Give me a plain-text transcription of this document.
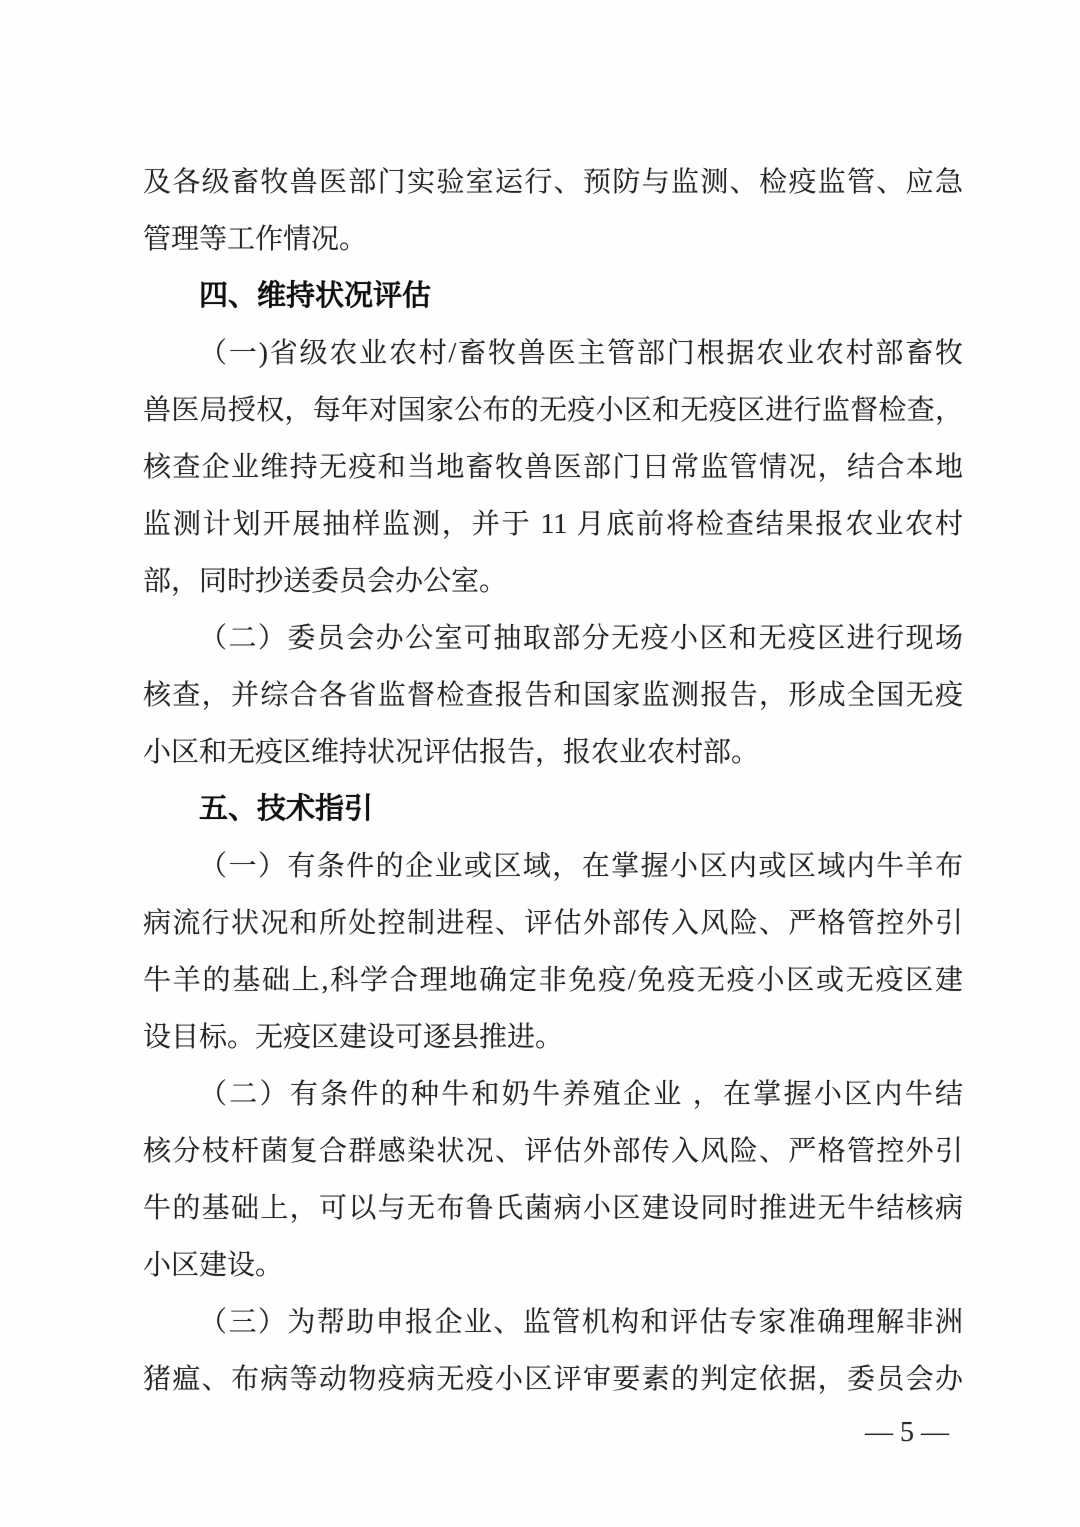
及各级畜牧兽医部门实验室运行、预防与监测、检疫监管、应急
管理等工作情况。
四、维持状况评估
（一)省级农业农村/畜牧兽医主管部门根据农业农村部畜牧
兽医局授权，每年对国家公布的无疫小区和无疫区进行监督检查，
核查企业维持无疫和当地畜牧兽医部门日常监管情况，结合本地
监测计划开展抽样监测，并于 11 月底前将检查结果报农业农村
部，同时抄送委员会办公室。
（二）委员会办公室可抽取部分无疫小区和无疫区进行现场
核查，并综合各省监督检查报告和国家监测报告，形成全国无疫
小区和无疫区维持状况评估报告，报农业农村部。
五、技术指引
（一）有条件的企业或区域，在掌握小区内或区域内牛羊布
病流行状况和所处控制进程、评估外部传入风险、严格管控外引
牛羊的基础上,科学合理地确定非免疫/免疫无疫小区或无疫区建
设目标。无疫区建设可逐县推进。
（二）有条件的种牛和奶牛养殖企业 ，在掌握小区内牛结
核分枝杆菌复合群感染状况、评估外部传入风险、严格管控外引
牛的基础上，可以与无布鲁氏菌病小区建设同时推进无牛结核病
小区建设。
（三）为帮助申报企业、监管机构和评估专家准确理解非洲
猪瘟、布病等动物疫病无疫小区评审要素的判定依据，委员会办
— 5 —
